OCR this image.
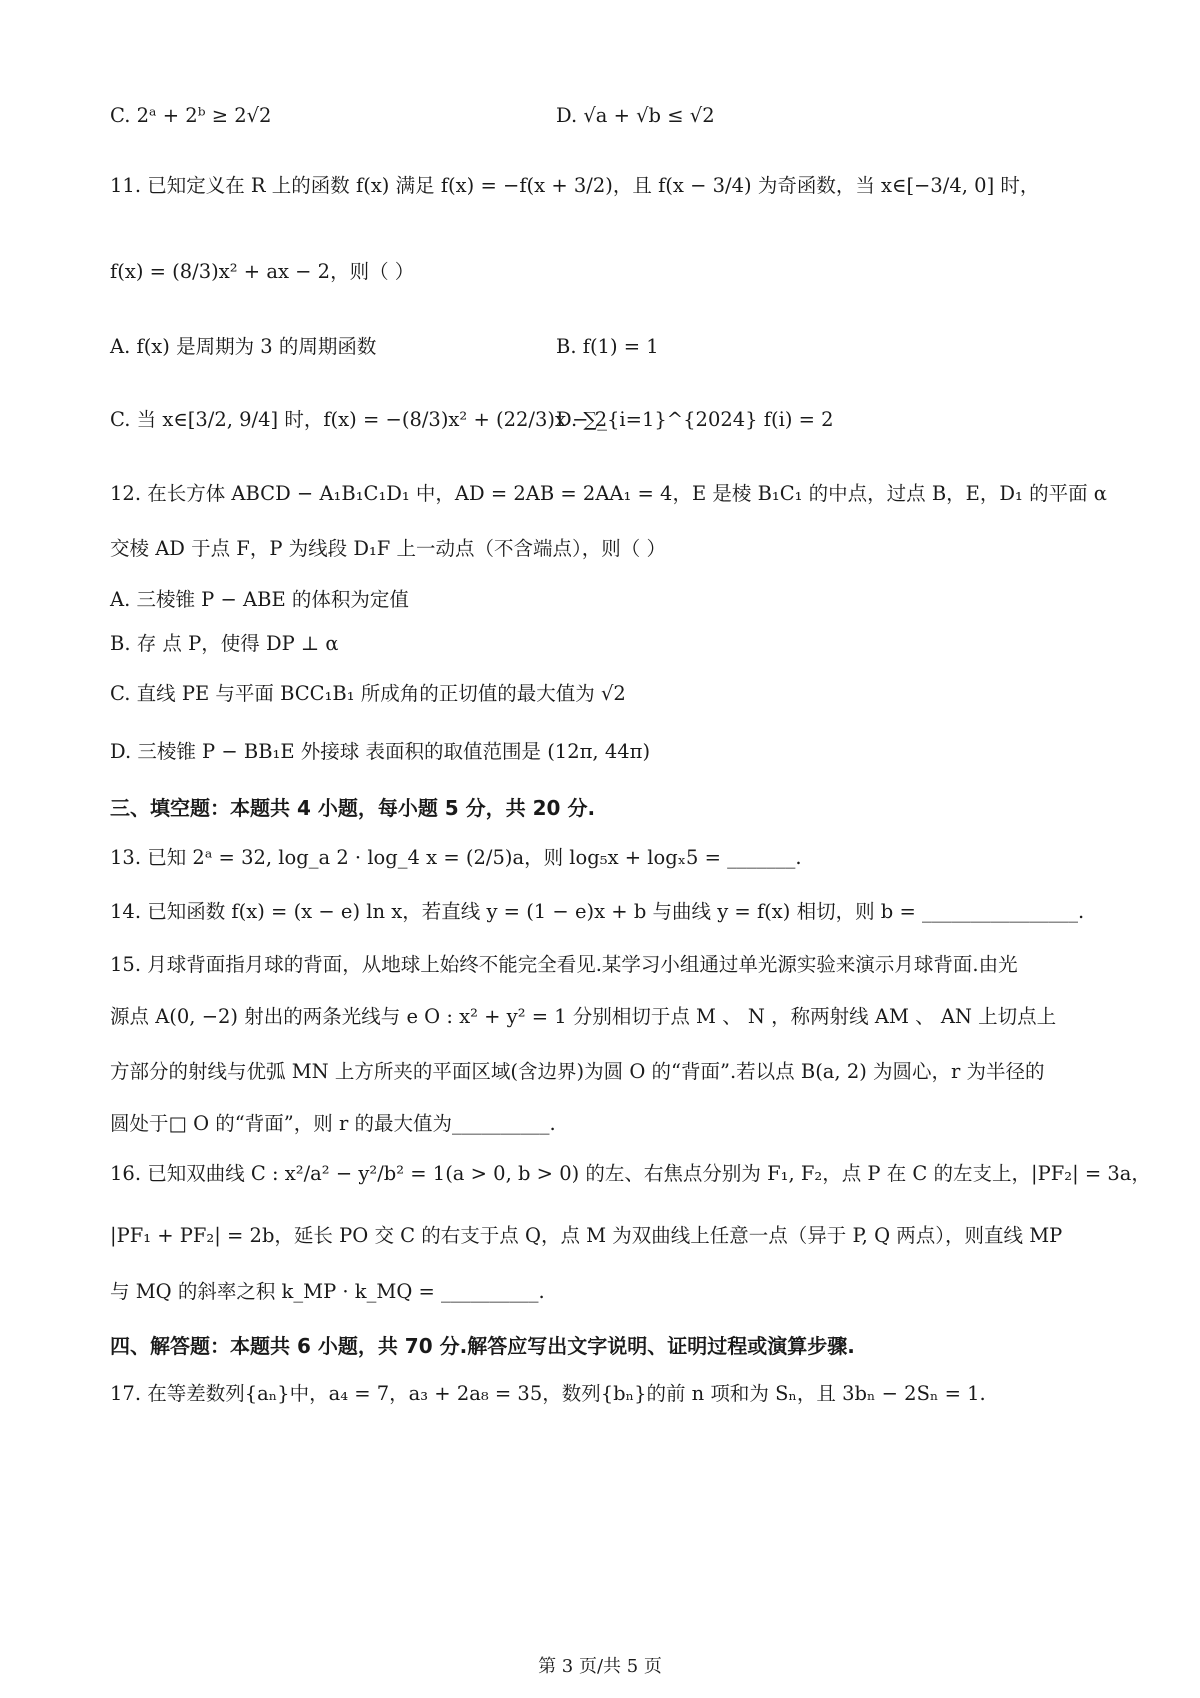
C. 2ᵃ + 2ᵇ ≥ 2√2	D. √a + √b ≤ √2
11. 已知定义在 R 上的函数 f(x) 满足 f(x) = −f(x + 3/2)，且 f(x − 3/4) 为奇函数，当 x∈[−3/4, 0] 时，
f(x) = (8/3)x² + ax − 2，则（ ）
A. f(x) 是周期为 3 的周期函数	B. f(1) = 1
C. 当 x∈[3/2, 9/4] 时，f(x) = −(8/3)x² + (22/3)x − 2
D. ∑_{i=1}^{2024} f(i) = 2
12. 在长方体 ABCD − A₁B₁C₁D₁ 中，AD = 2AB = 2AA₁ = 4，E 是棱 B₁C₁ 的中点，过点 B，E，D₁ 的平面 α
交棱 AD 于点 F，P 为线段 D₁F 上一动点（不含端点），则（ ）
A. 三棱锥 P − ABE 的体积为定值
B. 存 点 P，使得 DP ⊥ α
C. 直线 PE 与平面 BCC₁B₁ 所成角的正切值的最大值为 √2
D. 三棱锥 P − BB₁E 外接球 表面积的取值范围是 (12π, 44π)
三、填空题：本题共 4 小题，每小题 5 分，共 20 分.
13. 已知 2ᵃ = 32, log_a 2 · log_4 x = (2/5)a，则 log₅x + logₓ5 = _______.
14. 已知函数 f(x) = (x − e) ln x，若直线 y = (1 − e)x + b 与曲线 y = f(x) 相切，则 b = ________________.
15. 月球背面指月球的背面，从地球上始终不能完全看见.某学习小组通过单光源实验来演示月球背面.由光
源点 A(0, −2) 射出的两条光线与 e O : x² + y² = 1 分别相切于点 M 、 N ，称两射线 AM 、 AN 上切点上
方部分的射线与优弧 MN 上方所夹的平面区域(含边界)为圆 O 的“背面”.若以点 B(a, 2) 为圆心，r 为半径的
圆处于□ O 的“背面”，则 r 的最大值为__________.
16. 已知双曲线 C : x²/a² − y²/b² = 1(a > 0, b > 0) 的左、右焦点分别为 F₁, F₂，点 P 在 C 的左支上，|PF₂| = 3a，
|PF₁ + PF₂| = 2b，延长 PO 交 C 的右支于点 Q，点 M 为双曲线上任意一点（异于 P, Q 两点），则直线 MP
与 MQ 的斜率之积 k_MP · k_MQ = __________.
四、解答题：本题共 6 小题，共 70 分.解答应写出文字说明、证明过程或演算步骤.
17. 在等差数列{aₙ}中，a₄ = 7，a₃ + 2a₈ = 35，数列{bₙ}的前 n 项和为 Sₙ，且 3bₙ − 2Sₙ = 1.
第 3 页/共 5 页
